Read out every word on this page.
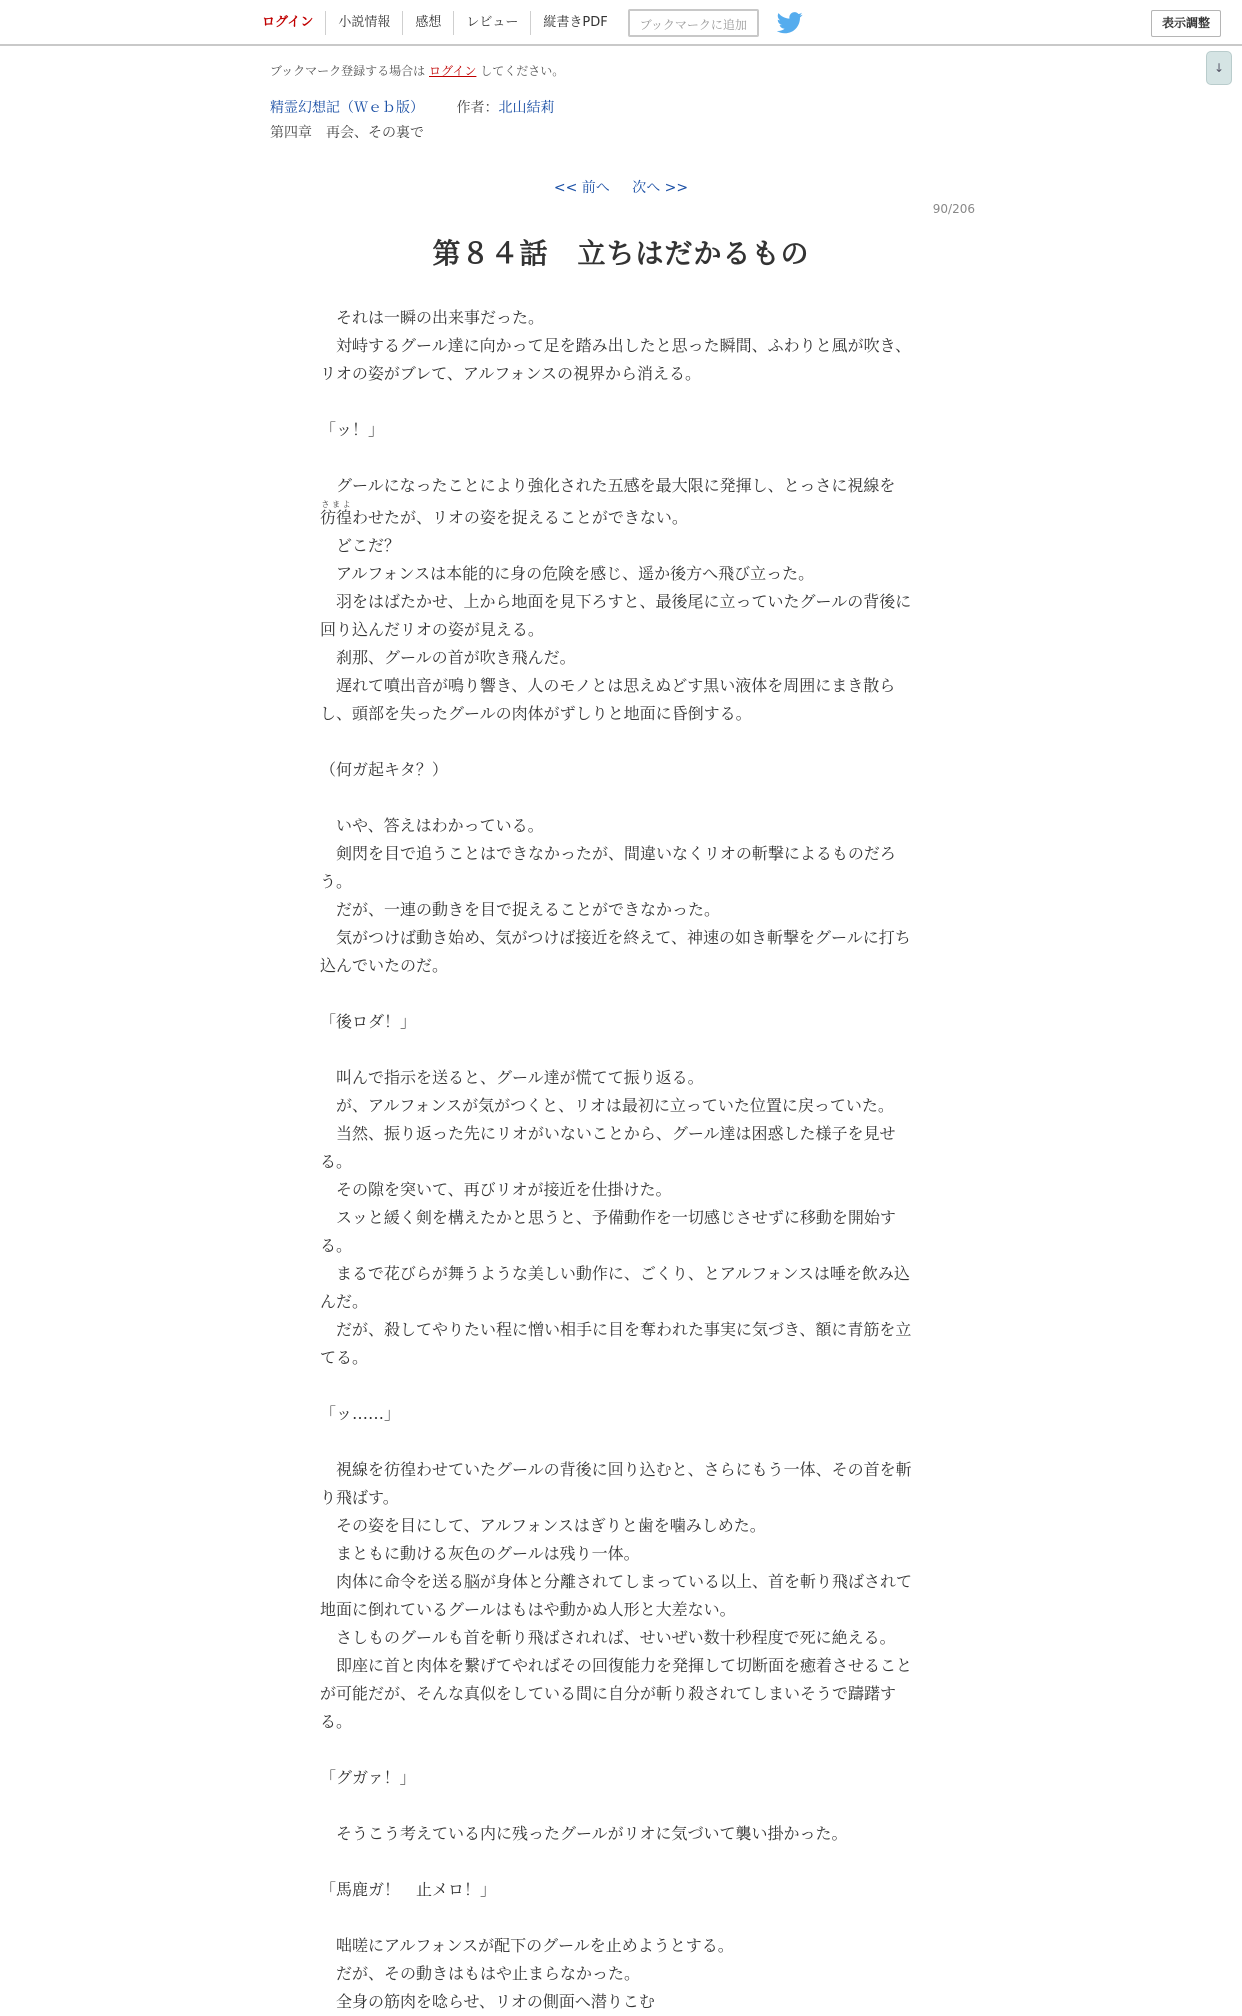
ログイン	小説情報	感想	レビュー	縦書きPDF	ブックマークに追加	表示調整
↓
ブックマーク登録する場合は ログイン してください。
精霊幻想記（Ｗｅｂ版） 作者：北山結莉
第四章　再会、その裏で
<< 前へ 次へ >>
90/206
第８４話　立ちはだかるもの

　それは一瞬の出来事だった。

　対峙するグール達に向かって足を踏み出したと思った瞬間、ふわりと風が吹き、リオの姿がブレて、アルフォンスの視界から消える。

「ッ！」

　グールになったことにより強化された五感を最大限に発揮し、とっさに視線を

彷徨さまよわせたが、リオの姿を捉えることができない。

　どこだ？

　アルフォンスは本能的に身の危険を感じ、遥か後方へ飛び立った。

　羽をはばたかせ、上から地面を見下ろすと、最後尾に立っていたグールの背後に回り込んだリオの姿が見える。

　刹那、グールの首が吹き飛んだ。

　遅れて噴出音が鳴り響き、人のモノとは思えぬどす黒い液体を周囲にまき散らし、頭部を失ったグールの肉体がずしりと地面に昏倒する。

（何ガ起キタ？）

　いや、答えはわかっている。

　剣閃を目で追うことはできなかったが、間違いなくリオの斬撃によるものだろう。

　だが、一連の動きを目で捉えることができなかった。

　気がつけば動き始め、気がつけば接近を終えて、神速の如き斬撃をグールに打ち込んでいたのだ。

「後ロダ！」

　叫んで指示を送ると、グール達が慌てて振り返る。

　が、アルフォンスが気がつくと、リオは最初に立っていた位置に戻っていた。

　当然、振り返った先にリオがいないことから、グール達は困惑した様子を見せる。

　その隙を突いて、再びリオが接近を仕掛けた。

　スッと緩く剣を構えたかと思うと、予備動作を一切感じさせずに移動を開始する。

　まるで花びらが舞うような美しい動作に、ごくり、とアルフォンスは唾を飲み込んだ。

　だが、殺してやりたい程に憎い相手に目を奪われた事実に気づき、額に青筋を立てる。

「ッ……」

　視線を彷徨わせていたグールの背後に回り込むと、さらにもう一体、その首を斬り飛ばす。

　その姿を目にして、アルフォンスはぎりと歯を噛みしめた。

　まともに動ける灰色のグールは残り一体。

　肉体に命令を送る脳が身体と分離されてしまっている以上、首を斬り飛ばされて地面に倒れているグールはもはや動かぬ人形と大差ない。

　さしものグールも首を斬り飛ばされれば、せいぜい数十秒程度で死に絶える。

　即座に首と肉体を繋げてやればその回復能力を発揮して切断面を癒着させることが可能だが、そんな真似をしている間に自分が斬り殺されてしまいそうで躊躇する。

「グガァ！」

　そうこう考えている内に残ったグールがリオに気づいて襲い掛かった。

「馬鹿ガ！　止メロ！」

　咄嗟にアルフォンスが配下のグールを止めようとする。

　だが、その動きはもはや止まらなかった。

　全身の筋肉を唸らせ、リオの側面へ潜りこむ
